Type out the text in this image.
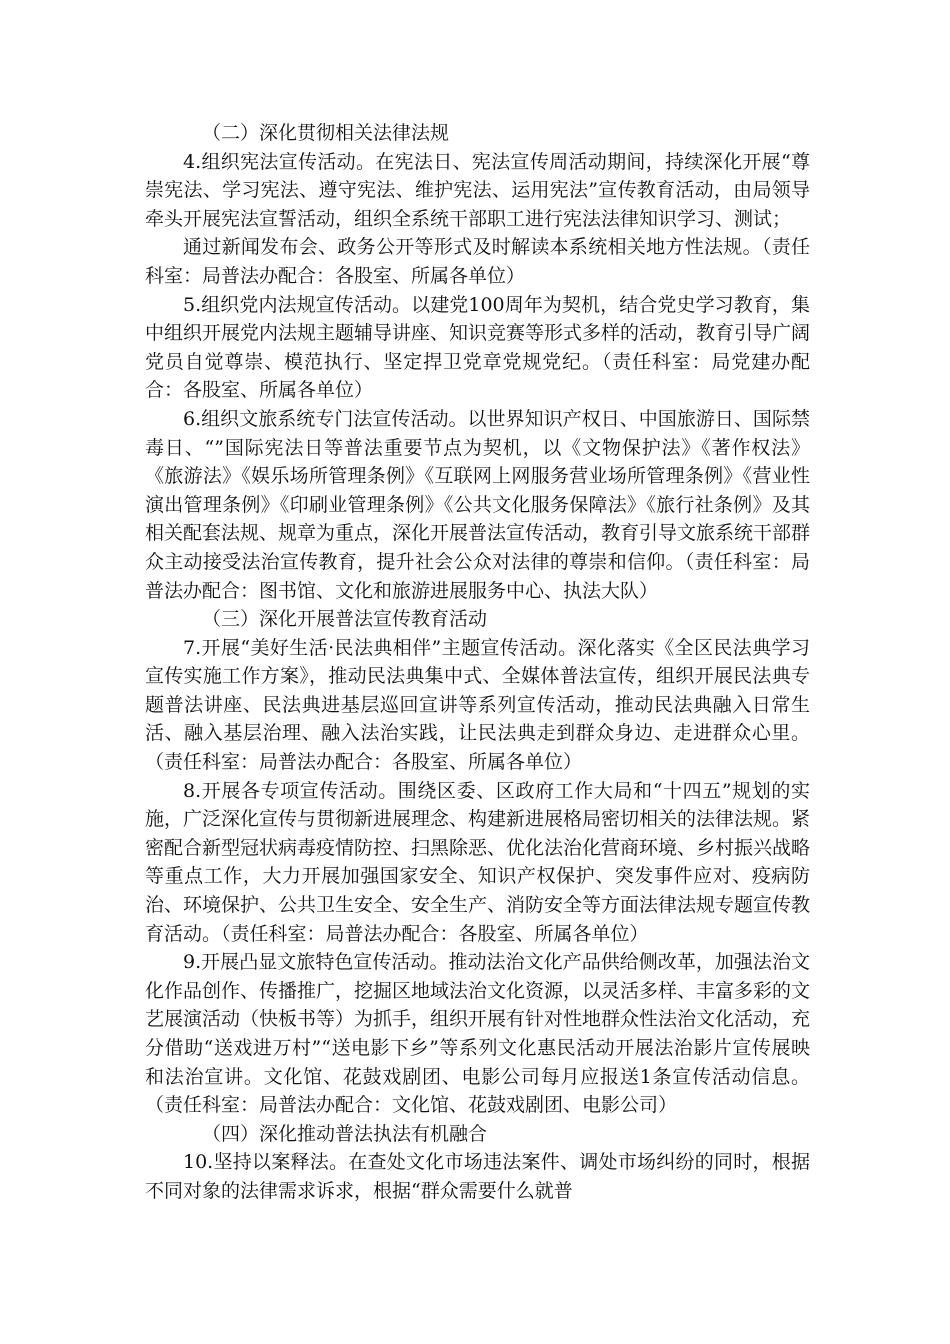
（二）深化贯彻相关法律法规

4.组织宪法宣传活动。在宪法日、宪法宣传周活动期间，持续深化开展“尊崇宪法、学习宪法、遵守宪法、维护宪法、运用宪法”宣传教育活动，由局领导牵头开展宪法宣誓活动，组织全系统干部职工进行宪法法律知识学习、测试；

通过新闻发布会、政务公开等形式及时解读本系统相关地方性法规。（责任科室：局普法办配合：各股室、所属各单位）

5.组织党内法规宣传活动。以建党100周年为契机，结合党史学习教育，集中组织开展党内法规主题辅导讲座、知识竞赛等形式多样的活动，教育引导广阔党员自觉尊崇、模范执行、坚定捍卫党章党规党纪。（责任科室：局党建办配合：各股室、所属各单位）

6.组织文旅系统专门法宣传活动。以世界知识产权日、中国旅游日、国际禁毒日、“”国际宪法日等普法重要节点为契机，以《文物保护法》《著作权法》《旅游法》《娱乐场所管理条例》《互联网上网服务营业场所管理条例》《营业性演出管理条例》《印刷业管理条例》《公共文化服务保障法》《旅行社条例》及其相关配套法规、规章为重点，深化开展普法宣传活动，教育引导文旅系统干部群众主动接受法治宣传教育，提升社会公众对法律的尊崇和信仰。（责任科室：局普法办配合：图书馆、文化和旅游进展服务中心、执法大队）

（三）深化开展普法宣传教育活动

7.开展“美好生活·民法典相伴”主题宣传活动。深化落实《全区民法典学习宣传实施工作方案》，推动民法典集中式、全媒体普法宣传，组织开展民法典专题普法讲座、民法典进基层巡回宣讲等系列宣传活动，推动民法典融入日常生活、融入基层治理、融入法治实践，让民法典走到群众身边、走进群众心里。（责任科室：局普法办配合：各股室、所属各单位）

8.开展各专项宣传活动。围绕区委、区政府工作大局和“十四五”规划的实施，广泛深化宣传与贯彻新进展理念、构建新进展格局密切相关的法律法规。紧密配合新型冠状病毒疫情防控、扫黑除恶、优化法治化营商环境、乡村振兴战略等重点工作，大力开展加强国家安全、知识产权保护、突发事件应对、疫病防治、环境保护、公共卫生安全、安全生产、消防安全等方面法律法规专题宣传教育活动。（责任科室：局普法办配合：各股室、所属各单位）

9.开展凸显文旅特色宣传活动。推动法治文化产品供给侧改革，加强法治文化作品创作、传播推广，挖掘区地域法治文化资源，以灵活多样、丰富多彩的文艺展演活动（快板书等）为抓手，组织开展有针对性地群众性法治文化活动，充分借助“送戏进万村”“送电影下乡”等系列文化惠民活动开展法治影片宣传展映和法治宣讲。文化馆、花鼓戏剧团、电影公司每月应报送1条宣传活动信息。（责任科室：局普法办配合：文化馆、花鼓戏剧团、电影公司）

（四）深化推动普法执法有机融合

10.坚持以案释法。在查处文化市场违法案件、调处市场纠纷的同时，根据不同对象的法律需求诉求，根据“群众需要什么就普
